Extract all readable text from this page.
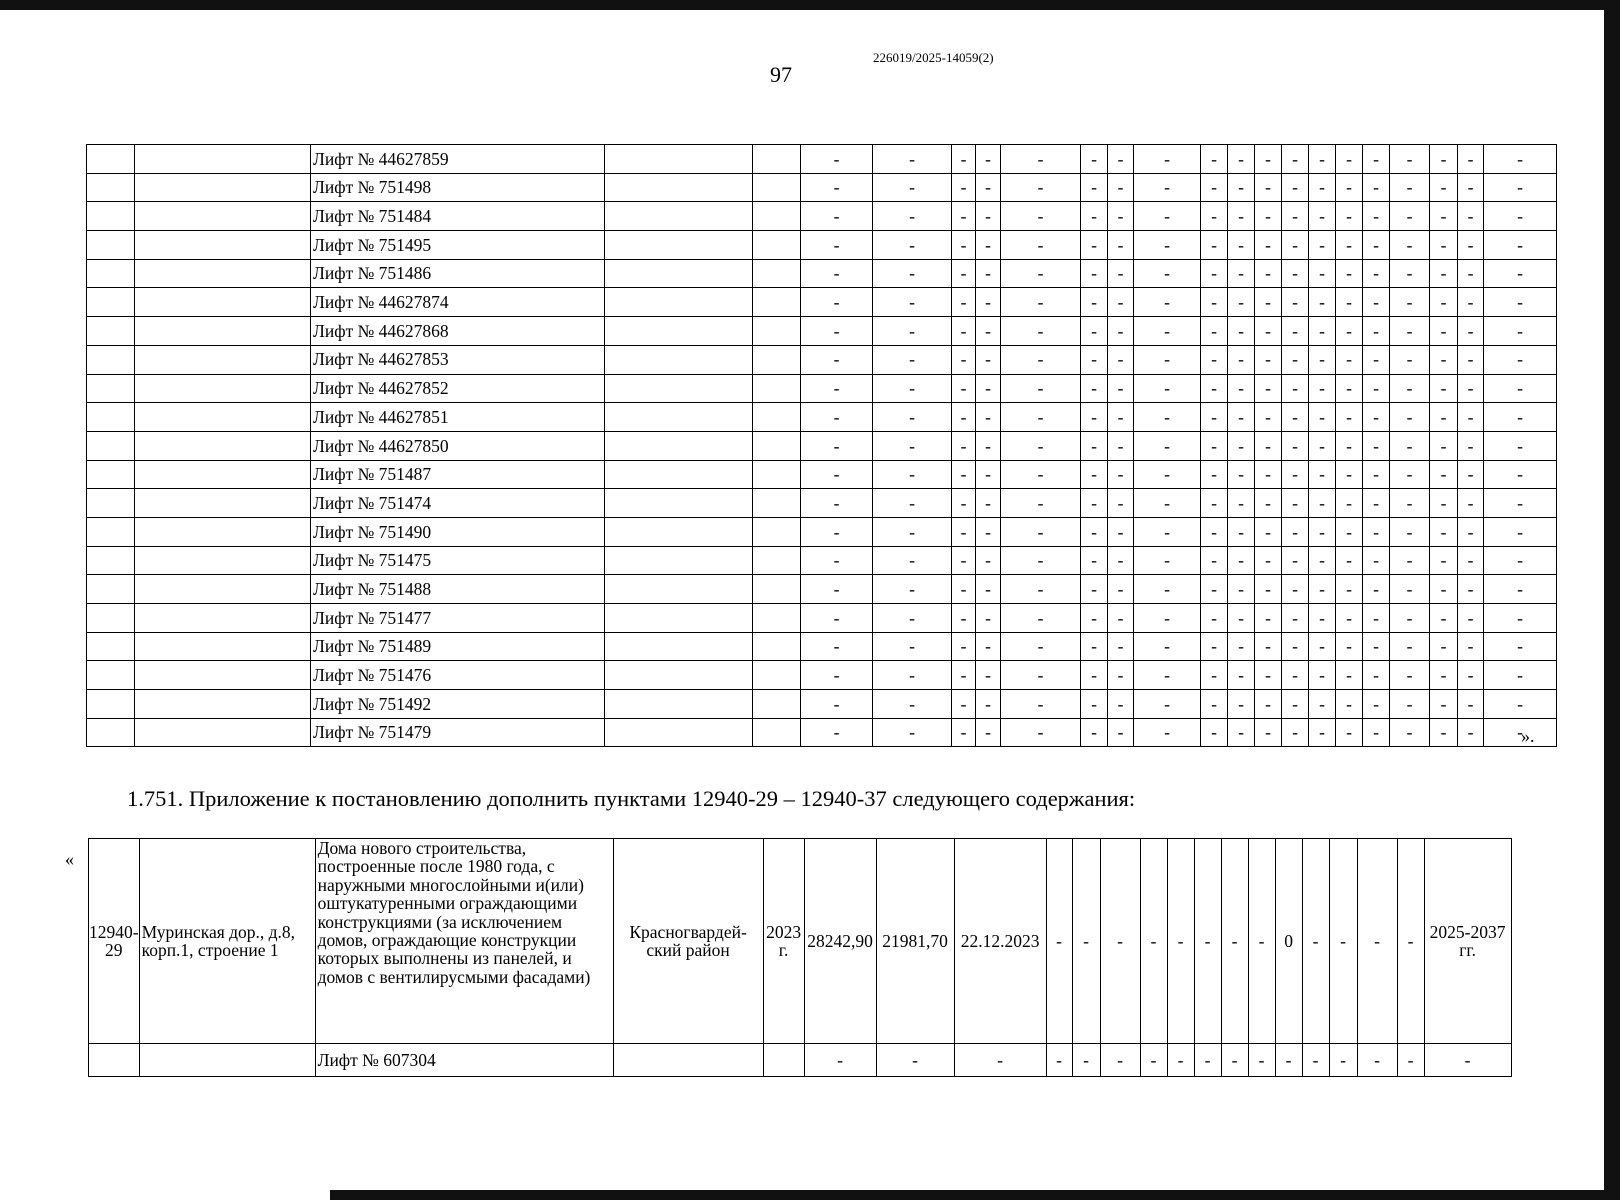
97
226019/2025-14059(2)
		Лифт № 44627859			-	-	-	-	-	-	-	-	-	-	-	-	-	-	-	-	-	-	-
		Лифт № 751498			-	-	-	-	-	-	-	-	-	-	-	-	-	-	-	-	-	-	-
		Лифт № 751484			-	-	-	-	-	-	-	-	-	-	-	-	-	-	-	-	-	-	-
		Лифт № 751495			-	-	-	-	-	-	-	-	-	-	-	-	-	-	-	-	-	-	-
		Лифт № 751486			-	-	-	-	-	-	-	-	-	-	-	-	-	-	-	-	-	-	-
		Лифт № 44627874			-	-	-	-	-	-	-	-	-	-	-	-	-	-	-	-	-	-	-
		Лифт № 44627868			-	-	-	-	-	-	-	-	-	-	-	-	-	-	-	-	-	-	-
		Лифт № 44627853			-	-	-	-	-	-	-	-	-	-	-	-	-	-	-	-	-	-	-
		Лифт № 44627852			-	-	-	-	-	-	-	-	-	-	-	-	-	-	-	-	-	-	-
		Лифт № 44627851			-	-	-	-	-	-	-	-	-	-	-	-	-	-	-	-	-	-	-
		Лифт № 44627850			-	-	-	-	-	-	-	-	-	-	-	-	-	-	-	-	-	-	-
		Лифт № 751487			-	-	-	-	-	-	-	-	-	-	-	-	-	-	-	-	-	-	-
		Лифт № 751474			-	-	-	-	-	-	-	-	-	-	-	-	-	-	-	-	-	-	-
		Лифт № 751490			-	-	-	-	-	-	-	-	-	-	-	-	-	-	-	-	-	-	-
		Лифт № 751475			-	-	-	-	-	-	-	-	-	-	-	-	-	-	-	-	-	-	-
		Лифт № 751488			-	-	-	-	-	-	-	-	-	-	-	-	-	-	-	-	-	-	-
		Лифт № 751477			-	-	-	-	-	-	-	-	-	-	-	-	-	-	-	-	-	-	-
		Лифт № 751489			-	-	-	-	-	-	-	-	-	-	-	-	-	-	-	-	-	-	-
		Лифт № 751476			-	-	-	-	-	-	-	-	-	-	-	-	-	-	-	-	-	-	-
		Лифт № 751492			-	-	-	-	-	-	-	-	-	-	-	-	-	-	-	-	-	-	-
		Лифт № 751479			-	-	-	-	-	-	-	-	-	-	-	-	-	-	-	-	-	-	-
».
1.751. Приложение к постановлению дополнить пунктами 12940-29 – 12940-37 следующего содержания:
«
12940-29	Муринская дор., д.8, корп.1, строение 1	Дома нового строительства, построенные после 1980 года, с наружными многослойными и(или) оштукатуренными ограждающими конструкциями (за исключением домов, ограждающие конструкции которых выполнены из панелей, и домов с вентилирусмыми фасадами)	Красногвардей-ский район	2023 г.	28242,90	21981,70	22.12.2023	-	-	-	-	-	-	-	-	0	-	-	-	-	2025-2037 гг.
		Лифт № 607304			-	-	-	-	-	-	-	-	-	-	-	-	-	-	-	-	-
